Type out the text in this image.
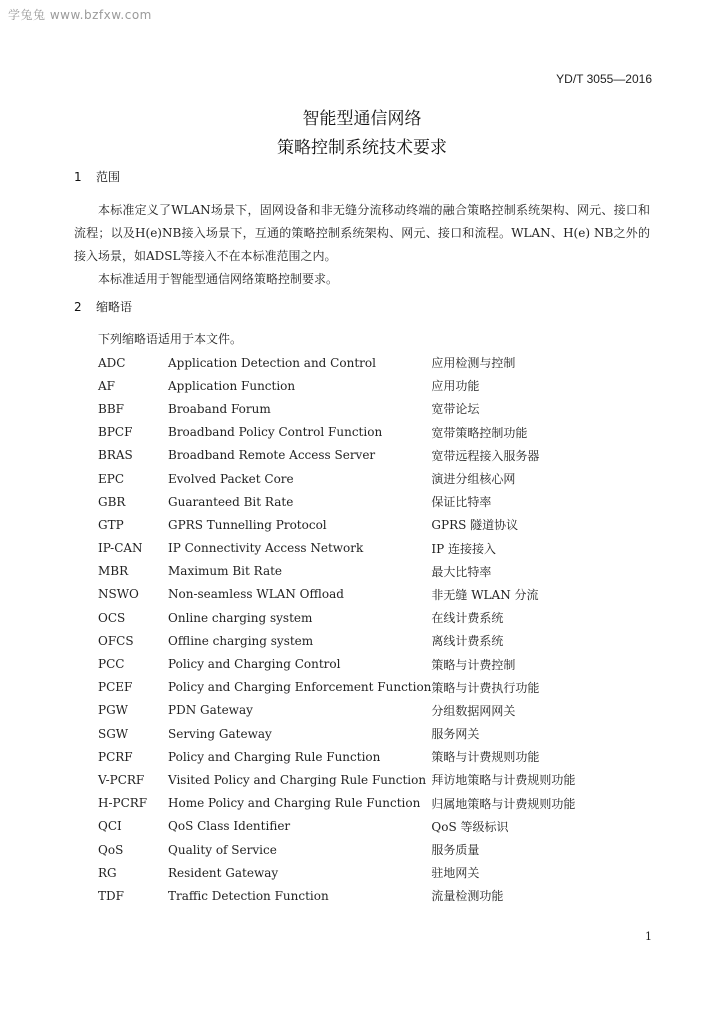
学兔兔 www.bzfxw.com
YD/T 3055—2016
智能型通信网络
策略控制系统技术要求
1 范围
本标准定义了WLAN场景下，固网设备和非无缝分流移动终端的融合策略控制系统架构、网元、接口和流程；以及H(e)NB接入场景下，互通的策略控制系统架构、网元、接口和流程。WLAN、H(e) NB之外的接入场景，如ADSL等接入不在本标准范围之内。
本标准适用于智能型通信网络策略控制要求。
2 缩略语
下列缩略语适用于本文件。
ADC	Application Detection and Control	应用检测与控制
AF	Application Function	应用功能
BBF	Broaband Forum	宽带论坛
BPCF	Broadband Policy Control Function	宽带策略控制功能
BRAS	Broadband Remote Access Server	宽带远程接入服务器
EPC	Evolved Packet Core	演进分组核心网
GBR	Guaranteed Bit Rate	保证比特率
GTP	GPRS Tunnelling Protocol	GPRS 隧道协议
IP-CAN	IP Connectivity Access Network	IP 连接接入
MBR	Maximum Bit Rate	最大比特率
NSWO	Non-seamless WLAN Offload	非无缝 WLAN 分流
OCS	Online charging system	在线计费系统
OFCS	Offline charging system	离线计费系统
PCC	Policy and Charging Control	策略与计费控制
PCEF	Policy and Charging Enforcement Function	策略与计费执行功能
PGW	PDN Gateway	分组数据网网关
SGW	Serving Gateway	服务网关
PCRF	Policy and Charging Rule Function	策略与计费规则功能
V-PCRF	Visited Policy and Charging Rule Function	拜访地策略与计费规则功能
H-PCRF	Home Policy and Charging Rule Function	归属地策略与计费规则功能
QCI	QoS Class Identifier	QoS 等级标识
QoS	Quality of Service	服务质量
RG	Resident Gateway	驻地网关
TDF	Traffic Detection Function	流量检测功能
1
